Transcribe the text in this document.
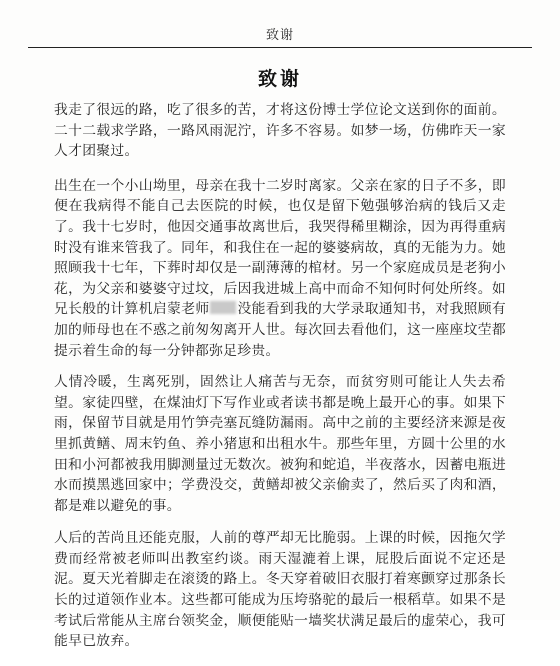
致谢
致谢

我走了很远的路，吃了很多的苦，才将这份博士学位论文送到你的面前。二十二载求学路，一路风雨泥泞，许多不容易。如梦一场，仿佛昨天一家人才团聚过。

出生在一个小山坳里，母亲在我十二岁时离家。父亲在家的日子不多，即便在我病得不能自己去医院的时候，也仅是留下勉强够治病的钱后又走了。我十七岁时，他因交通事故离世后，我哭得稀里糊涂，因为再得重病时没有谁来管我了。同年，和我住在一起的婆婆病故，真的无能为力。她照顾我十七年，下葬时却仅是一副薄薄的棺材。另一个家庭成员是老狗小花，为父亲和婆婆守过坟，后因我进城上高中而命不知何时何处所终。如兄长般的计算机启蒙老师 没能看到我的大学录取通知书，对我照顾有加的师母也在不惑之前匆匆离开人世。每次回去看他们，这一座座坟茔都提示着生命的每一分钟都弥足珍贵。

人情冷暖，生离死别，固然让人痛苦与无奈，而贫穷则可能让人失去希望。家徒四壁，在煤油灯下写作业或者读书都是晚上最开心的事。如果下雨，保留节目就是用竹笋壳塞瓦缝防漏雨。高中之前的主要经济来源是夜里抓黄鳝、周末钓鱼、养小猪崽和出租水牛。那些年里，方圆十公里的水田和小河都被我用脚测量过无数次。被狗和蛇追，半夜落水，因蓄电瓶进水而摸黑逃回家中；学费没交，黄鳝却被父亲偷卖了，然后买了肉和酒，都是难以避免的事。

人后的苦尚且还能克服，人前的尊严却无比脆弱。上课的时候，因拖欠学费而经常被老师叫出教室约谈。雨天湿漉着上课，屁股后面说不定还是泥。夏天光着脚走在滚烫的路上。冬天穿着破旧衣服打着寒颤穿过那条长长的过道领作业本。这些都可能成为压垮骆驼的最后一根稻草。如果不是考试后常能从主席台领奖金，顺便能贴一墙奖状满足最后的虚荣心，我可能早已放弃。
